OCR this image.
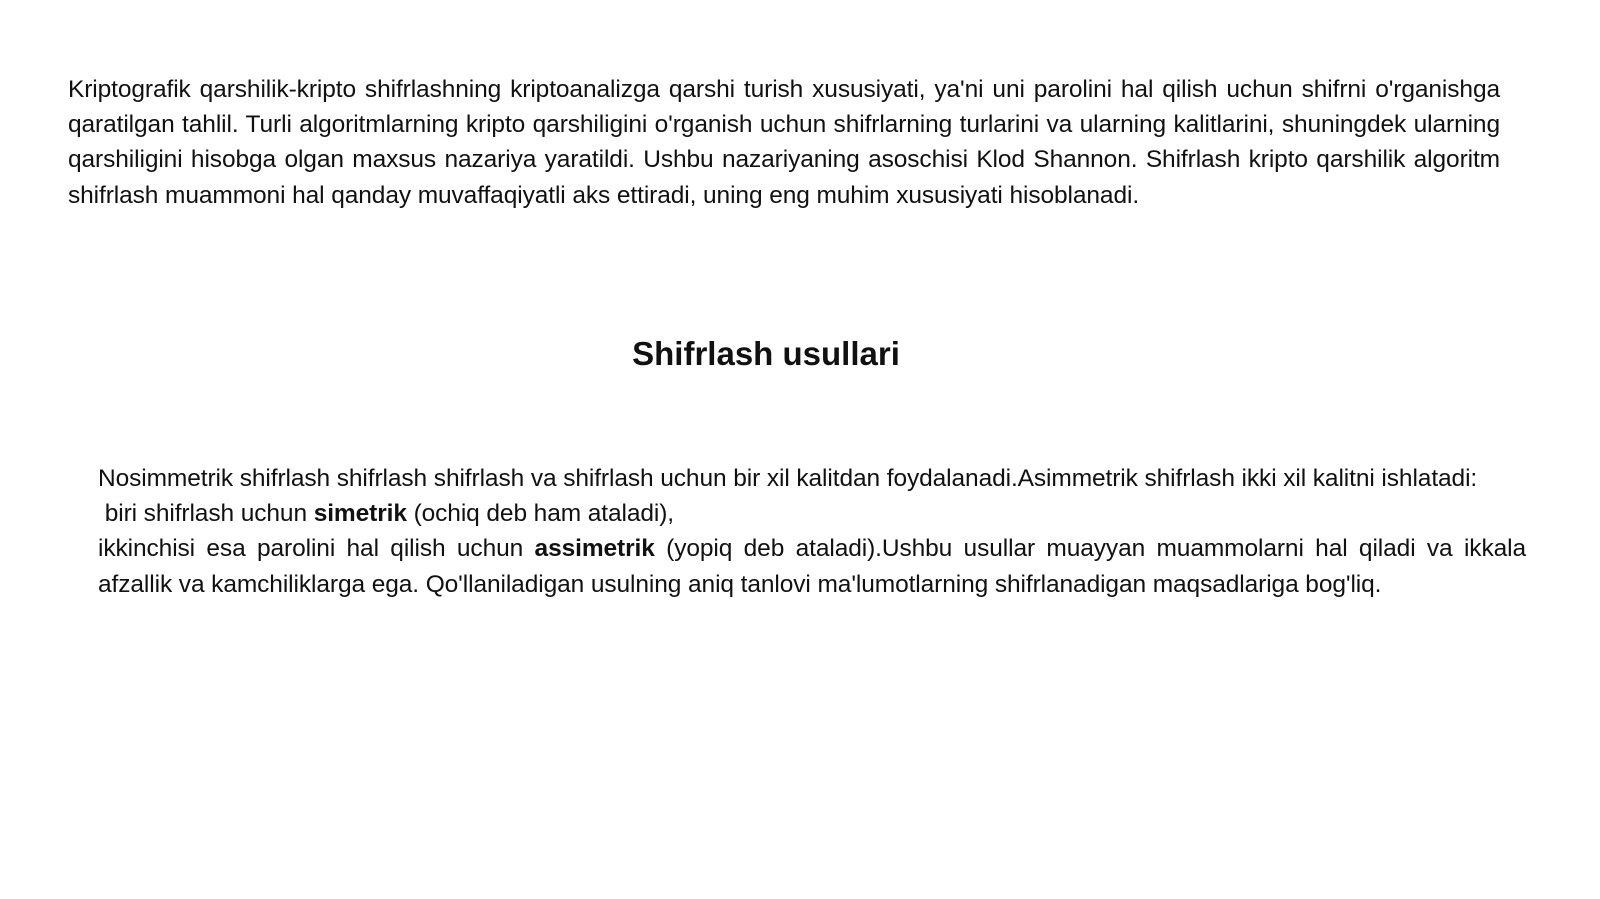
Kriptografik qarshilik-kripto shifrlashning kriptoanalizga qarshi turish xususiyati, ya'ni uni parolini hal qilish uchun shifrni o'rganishga qaratilgan tahlil. Turli algoritmlarning kripto qarshiligini o'rganish uchun shifrlarning turlarini va ularning kalitlarini, shuningdek ularning qarshiligini hisobga olgan maxsus nazariya yaratildi. Ushbu nazariyaning asoschisi Klod Shannon. Shifrlash kripto qarshilik algoritm shifrlash muammoni hal qanday muvaffaqiyatli aks ettiradi, uning eng muhim xususiyati hisoblanadi.

Shifrlash usullari

Nosimmetrik shifrlash shifrlash shifrlash va shifrlash uchun bir xil kalitdan foydalanadi.Asimmetrik shifrlash ikki xil kalitni ishlatadi:

biri shifrlash uchun simetrik (ochiq deb ham ataladi),

ikkinchisi esa parolini hal qilish uchun assimetrik (yopiq deb ataladi).Ushbu usullar muayyan muammolarni hal qiladi va ikkala afzallik va kamchiliklarga ega. Qo'llaniladigan usulning aniq tanlovi ma'lumotlarning shifrlanadigan maqsadlariga bog'liq.
